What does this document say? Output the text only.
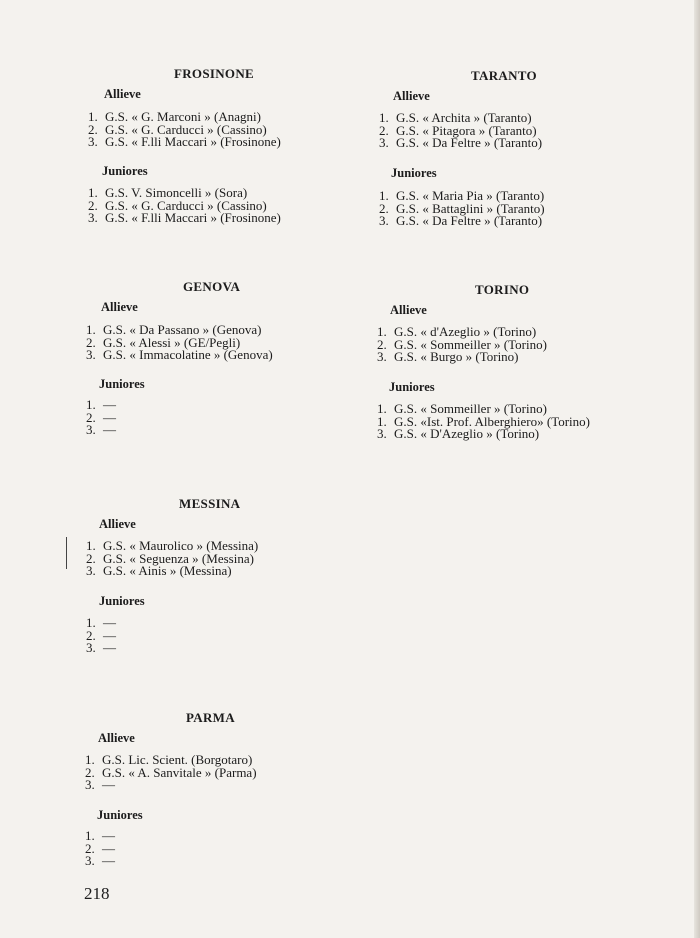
FROSINONE
Allieve
1. G.S. « G. Marconi » (Anagni)
2. G.S. « G. Carducci » (Cassino)
3. G.S. « F.lli Maccari » (Frosinone)
Juniores
1. G.S. V. Simoncelli » (Sora)
2. G.S. « G. Carducci » (Cassino)
3. G.S. « F.lli Maccari » (Frosinone)
TARANTO
Allieve
1. G.S. « Archita » (Taranto)
2. G.S. « Pitagora » (Taranto)
3. G.S. « Da Feltre » (Taranto)
Juniores
1. G.S. « Maria Pia » (Taranto)
2. G.S. « Battaglini » (Taranto)
3. G.S. « Da Feltre » (Taranto)
GENOVA
Allieve
1. G.S. « Da Passano » (Genova)
2. G.S. « Alessi » (GE/Pegli)
3. G.S. « Immacolatine » (Genova)
Juniores
1. —
2. —
3. —
TORINO
Allieve
1. G.S. « d'Azeglio » (Torino)
2. G.S. « Sommeiller » (Torino)
3. G.S. « Burgo » (Torino)
Juniores
1. G.S. « Sommeiller » (Torino)
1. G.S. «Ist. Prof. Alberghiero» (Torino)
3. G.S. « D'Azeglio » (Torino)
MESSINA
Allieve
1. G.S. « Maurolico » (Messina)
2. G.S. « Seguenza » (Messina)
3. G.S. « Ainis » (Messina)
Juniores
1. —
2. —
3. —
PARMA
Allieve
1. G.S. Lic. Scient. (Borgotaro)
2. G.S. « A. Sanvitale » (Parma)
3. —
Juniores
1. —
2. —
3. —
218
